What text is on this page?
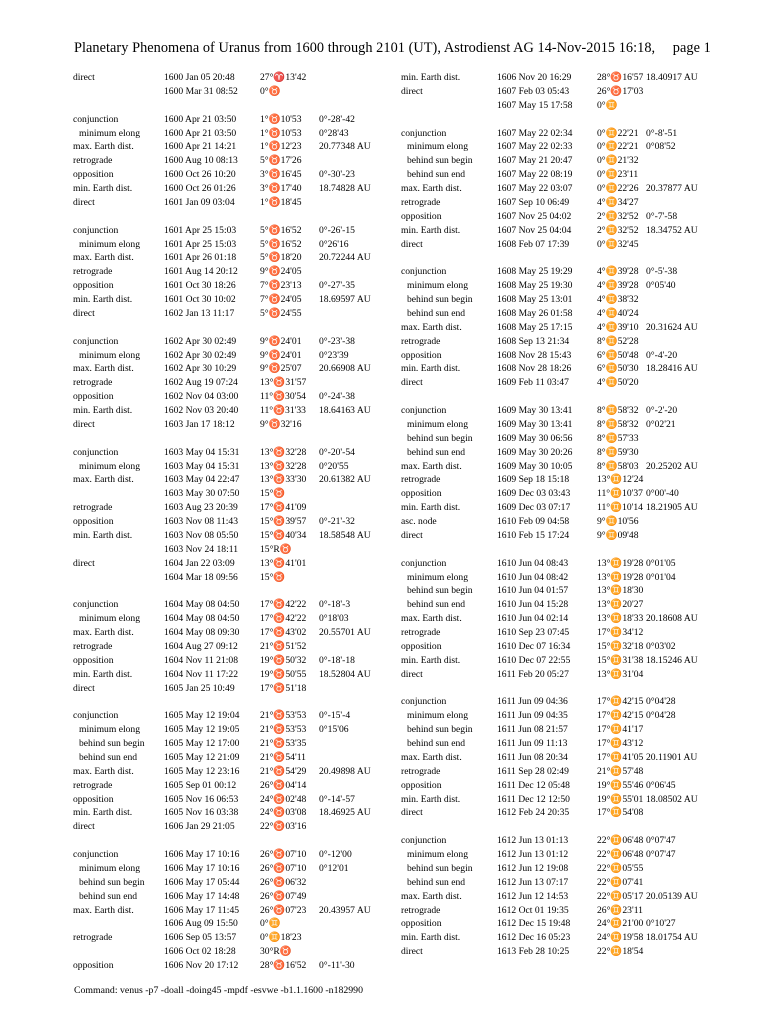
Planetary Phenomena of Uranus from 1600 through 2101 (UT), Astrodienst AG 14-Nov-2015 16:18, page 1
direct	1600 Jan 05 20:48	27°♈13'42
1600 Mar 31 08:52 0°♉
conjunction	1600 Apr 21 03:50 1°♉10'53 0°-28'-42
minimum elong 1600 Apr 21 03:50 1°♉10'53 0°28'43
max. Earth dist.	1600 Apr 21 14:21 1°♉12'23 20.77348 AU
retrograde	1600 Aug 10 08:13 5°♉17'26
opposition	1600 Oct 26 10:20	3°♉16'45 0°-30'-23
min. Earth dist.	1600 Oct 26 01:26	3°♉17'40 18.74828 AU
direct	1601 Jan 09 03:04	1°♉18'45
conjunction	1601 Apr 25 15:03 5°♉16'52 0°-26'-15
minimum elong 1601 Apr 25 15:03 5°♉16'52 0°26'16
max. Earth dist.	1601 Apr 26 01:18 5°♉18'20 20.72244 AU
retrograde	1601 Aug 14 20:12 9°♉24'05
opposition	1601 Oct 30 18:26	7°♉23'13 0°-27'-35
min. Earth dist.	1601 Oct 30 10:02	7°♉24'05 18.69597 AU
direct	1602 Jan 13 11:17	5°♉24'55
conjunction	1602 Apr 30 02:49 9°♉24'01 0°-23'-38
minimum elong 1602 Apr 30 02:49 9°♉24'01 0°23'39
max. Earth dist.	1602 Apr 30 10:29 9°♉25'07 20.66908 AU
retrograde	1602 Aug 19 07:24 13°♉31'57
opposition	1602 Nov 04 03:00 11°♉30'54 0°-24'-38
min. Earth dist.	1602 Nov 03 20:40 11°♉31'33 18.64163 AU
direct	1603 Jan 17 18:12	9°♉32'16
conjunction	1603 May 04 15:31 13°♉32'28 0°-20'-54
minimum elong 1603 May 04 15:31 13°♉32'28 0°20'55
max. Earth dist.	1603 May 04 22:47 13°♉33'30 20.61382 AU
1603 May 30 07:50 15°♉
retrograde	1603 Aug 23 20:39 17°♉41'09
opposition	1603 Nov 08 11:43 15°♉39'57 0°-21'-32
min. Earth dist.	1603 Nov 08 05:50 15°♉40'34 18.58548 AU
1603 Nov 24 18:11 15°R♉
direct	1604 Jan 22 03:09	13°♉41'01
1604 Mar 18 09:56 15°♉
conjunction	1604 May 08 04:50 17°♉42'22 0°-18'-3
minimum elong 1604 May 08 04:50 17°♉42'22 0°18'03
max. Earth dist.	1604 May 08 09:30 17°♉43'02 20.55701 AU
retrograde	1604 Aug 27 09:12 21°♉51'52
opposition	1604 Nov 11 21:08 19°♉50'32 0°-18'-18
min. Earth dist.	1604 Nov 11 17:22 19°♉50'55 18.52804 AU
direct	1605 Jan 25 10:49	17°♉51'18
conjunction	1605 May 12 19:04 21°♉53'53 0°-15'-4
minimum elong 1605 May 12 19:05 21°♉53'53 0°15'06
behind sun begin 1605 May 12 17:00 21°♉53'35
behind sun end	1605 May 12 21:09 21°♉54'11
max. Earth dist.	1605 May 12 23:16 21°♉54'29 20.49898 AU
retrograde	1605 Sep 01 00:12 26°♉04'14
opposition	1605 Nov 16 06:53 24°♉02'48 0°-14'-57
min. Earth dist.	1605 Nov 16 03:38 24°♉03'08 18.46925 AU
direct	1606 Jan 29 21:05	22°♉03'16
conjunction	1606 May 17 10:16 26°♉07'10 0°-12'00
minimum elong 1606 May 17 10:16 26°♉07'10 0°12'01
behind sun begin 1606 May 17 05:44 26°♉06'32
behind sun end	1606 May 17 14:48 26°♉07'49
max. Earth dist.	1606 May 17 11:45 26°♉07'23 20.43957 AU
1606 Aug 09 15:50 0°♊
retrograde	1606 Sep 05 13:57 0°♊18'23
1606 Oct 02 18:28	30°R♉
opposition	1606 Nov 20 17:12 28°♉16'52 0°-11'-30
min. Earth dist.	1606 Nov 20 16:29	28°♉16'57 18.40917 AU
direct	1607 Feb 03 05:43	26°♉17'03
1607 May 15 17:58	0°♊
conjunction	1607 May 22 02:34	0°♊22'21 0°-8'-51
minimum elong	1607 May 22 02:33	0°♊22'21 0°08'52
behind sun begin	1607 May 21 20:47	0°♊21'32
behind sun end	1607 May 22 08:19	0°♊23'11
max. Earth dist.	1607 May 22 03:07	0°♊22'26 20.37877 AU
retrograde	1607 Sep 10 06:49	4°♊34'27
opposition	1607 Nov 25 04:02	2°♊32'52 0°-7'-58
min. Earth dist.	1607 Nov 25 04:04	2°♊32'52 18.34752 AU
direct	1608 Feb 07 17:39	0°♊32'45
conjunction	1608 May 25 19:29	4°♊39'28 0°-5'-38
minimum elong	1608 May 25 19:30	4°♊39'28 0°05'40
behind sun begin	1608 May 25 13:01	4°♊38'32
behind sun end	1608 May 26 01:58	4°♊40'24
max. Earth dist.	1608 May 25 17:15	4°♊39'10 20.31624 AU
retrograde	1608 Sep 13 21:34	8°♊52'28
opposition	1608 Nov 28 15:43	6°♊50'48 0°-4'-20
min. Earth dist.	1608 Nov 28 18:26	6°♊50'30 18.28416 AU
direct	1609 Feb 11 03:47	4°♊50'20
conjunction	1609 May 30 13:41	8°♊58'32 0°-2'-20
minimum elong	1609 May 30 13:41	8°♊58'32 0°02'21
behind sun begin	1609 May 30 06:56	8°♊57'33
behind sun end	1609 May 30 20:26	8°♊59'30
max. Earth dist.	1609 May 30 10:05	8°♊58'03 20.25202 AU
retrograde	1609 Sep 18 15:18	13°♊12'24
opposition	1609 Dec 03 03:43	11°♊10'37 0°00'-40
min. Earth dist.	1609 Dec 03 07:17	11°♊10'14 18.21905 AU
asc. node	1610 Feb 09 04:58	9°♊10'56
direct	1610 Feb 15 17:24	9°♊09'48
conjunction	1610 Jun 04 08:43	13°♊19'28 0°01'05
minimum elong	1610 Jun 04 08:42	13°♊19'28 0°01'04
behind sun begin	1610 Jun 04 01:57	13°♊18'30
behind sun end	1610 Jun 04 15:28	13°♊20'27
max. Earth dist.	1610 Jun 04 02:14	13°♊18'33 20.18608 AU
retrograde	1610 Sep 23 07:45	17°♊34'12
opposition	1610 Dec 07 16:34	15°♊32'18 0°03'02
min. Earth dist.	1610 Dec 07 22:55	15°♊31'38 18.15246 AU
direct	1611 Feb 20 05:27	13°♊31'04
conjunction	1611 Jun 09 04:36	17°♊42'15 0°04'28
minimum elong	1611 Jun 09 04:35	17°♊42'15 0°04'28
behind sun begin	1611 Jun 08 21:57	17°♊41'17
behind sun end	1611 Jun 09 11:13	17°♊43'12
max. Earth dist.	1611 Jun 08 20:34	17°♊41'05 20.11901 AU
retrograde	1611 Sep 28 02:49	21°♊57'48
opposition	1611 Dec 12 05:48	19°♊55'46 0°06'45
min. Earth dist.	1611 Dec 12 12:50	19°♊55'01 18.08502 AU
direct	1612 Feb 24 20:35	17°♊54'08
conjunction	1612 Jun 13 01:13	22°♊06'48 0°07'47
minimum elong	1612 Jun 13 01:12	22°♊06'48 0°07'47
behind sun begin	1612 Jun 12 19:08	22°♊05'55
behind sun end	1612 Jun 13 07:17	22°♊07'41
max. Earth dist.	1612 Jun 12 14:53	22°♊05'17 20.05139 AU
retrograde	1612 Oct 01 19:35	26°♊23'11
opposition	1612 Dec 15 19:48	24°♊21'00 0°10'27
min. Earth dist.	1612 Dec 16 05:23	24°♊19'58 18.01754 AU
direct	1613 Feb 28 10:25	22°♊18'54
Command: venus -p7 -doall -doing45 -mpdf -esvwe -b1.1.1600 -n182990
